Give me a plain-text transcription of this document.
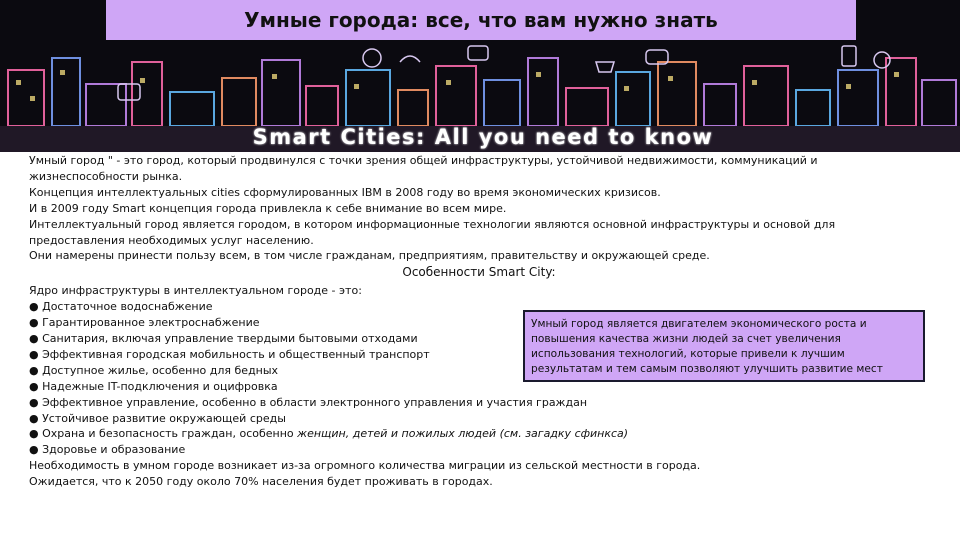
Умные города: все, что вам нужно знать
Smart Cities: All you need to know

Умный город " - это город, который продвинулся с точки зрения общей инфраструктуры, устойчивой недвижимости, коммуникаций и жизнеспособности рынка.

Концепция интеллектуальных cities сформулированных IBM в 2008 году во время экономических кризисов.

И в 2009 году Smart концепция города привлекла к себе внимание во всем мире.

Интеллектуальный город является городом, в котором информационные технологии являются основной инфраструктуры и основой для предоставления необходимых услуг населению.

Они намерены принести пользу всем, в том числе гражданам, предприятиям, правительству и окружающей среде.

Особенности Smart City:

Ядро инфраструктуры в интеллектуальном городе - это:

● Достаточное водоснабжение

● Гарантированное электроснабжение

● Санитария, включая управление твердыми бытовыми отходами

● Эффективная городская мобильность и общественный транспорт

● Доступное жилье, особенно для бедных

● Надежные IT-подключения и оцифровка

● Эффективное управление, особенно в области электронного управления и участия граждан

● Устойчивое развитие окружающей среды

● Охрана и безопасность граждан, особенно женщин, детей и пожилых людей (см. загадку сфинкса)

● Здоровье и образование

Необходимость в умном городе возникает из-за огромного количества миграции из сельской местности в города.

Ожидается, что к 2050 году около 70% населения будет проживать в городах.

Умный город является двигателем экономического роста и повышения качества жизни людей за счет увеличения использования технологий, которые привели к лучшим результатам и тем самым позволяют улучшить развитие мест
